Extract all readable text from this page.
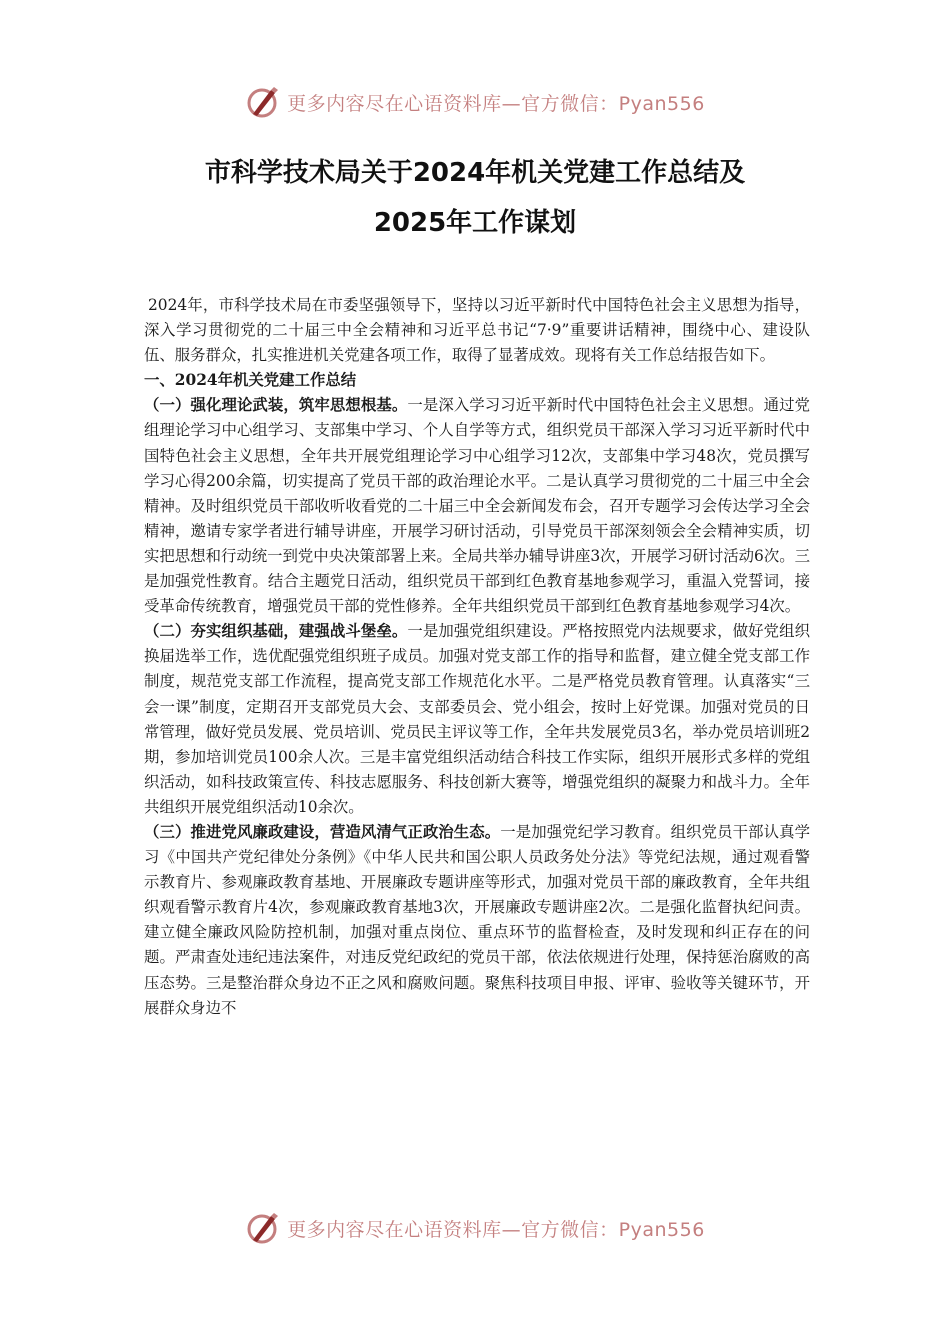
更多内容尽在心语资料库—官方微信：Pyan556
市科学技术局关于2024年机关党建工作总结及
2025年工作谋划

2024年，市科学技术局在市委坚强领导下，坚持以习近平新时代中国特色社会主义思想为指导，深入学习贯彻党的二十届三中全会精神和习近平总书记“7·9”重要讲话精神，围绕中心、建设队伍、服务群众，扎实推进机关党建各项工作，取得了显著成效。现将有关工作总结报告如下。

一、2024年机关党建工作总结

（一）强化理论武装，筑牢思想根基。一是深入学习习近平新时代中国特色社会主义思想。通过党组理论学习中心组学习、支部集中学习、个人自学等方式，组织党员干部深入学习习近平新时代中国特色社会主义思想，全年共开展党组理论学习中心组学习12次，支部集中学习48次，党员撰写学习心得200余篇，切实提高了党员干部的政治理论水平。二是认真学习贯彻党的二十届三中全会精神。及时组织党员干部收听收看党的二十届三中全会新闻发布会，召开专题学习会传达学习全会精神，邀请专家学者进行辅导讲座，开展学习研讨活动，引导党员干部深刻领会全会精神实质，切实把思想和行动统一到党中央决策部署上来。全局共举办辅导讲座3次，开展学习研讨活动6次。三是加强党性教育。结合主题党日活动，组织党员干部到红色教育基地参观学习，重温入党誓词，接受革命传统教育，增强党员干部的党性修养。全年共组织党员干部到红色教育基地参观学习4次。

（二）夯实组织基础，建强战斗堡垒。一是加强党组织建设。严格按照党内法规要求，做好党组织换届选举工作，选优配强党组织班子成员。加强对党支部工作的指导和监督，建立健全党支部工作制度，规范党支部工作流程，提高党支部工作规范化水平。二是严格党员教育管理。认真落实“三会一课”制度，定期召开支部党员大会、支部委员会、党小组会，按时上好党课。加强对党员的日常管理，做好党员发展、党员培训、党员民主评议等工作，全年共发展党员3名，举办党员培训班2期，参加培训党员100余人次。三是丰富党组织活动结合科技工作实际，组织开展形式多样的党组织活动，如科技政策宣传、科技志愿服务、科技创新大赛等，增强党组织的凝聚力和战斗力。全年共组织开展党组织活动10余次。

（三）推进党风廉政建设，营造风清气正政治生态。一是加强党纪学习教育。组织党员干部认真学习《中国共产党纪律处分条例》《中华人民共和国公职人员政务处分法》等党纪法规，通过观看警示教育片、参观廉政教育基地、开展廉政专题讲座等形式，加强对党员干部的廉政教育，全年共组织观看警示教育片4次，参观廉政教育基地3次，开展廉政专题讲座2次。二是强化监督执纪问责。建立健全廉政风险防控机制，加强对重点岗位、重点环节的监督检查，及时发现和纠正存在的问题。严肃查处违纪违法案件，对违反党纪政纪的党员干部，依法依规进行处理，保持惩治腐败的高压态势。三是整治群众身边不正之风和腐败问题。聚焦科技项目申报、评审、验收等关键环节，开展群众身边不

更多内容尽在心语资料库—官方微信：Pyan556
